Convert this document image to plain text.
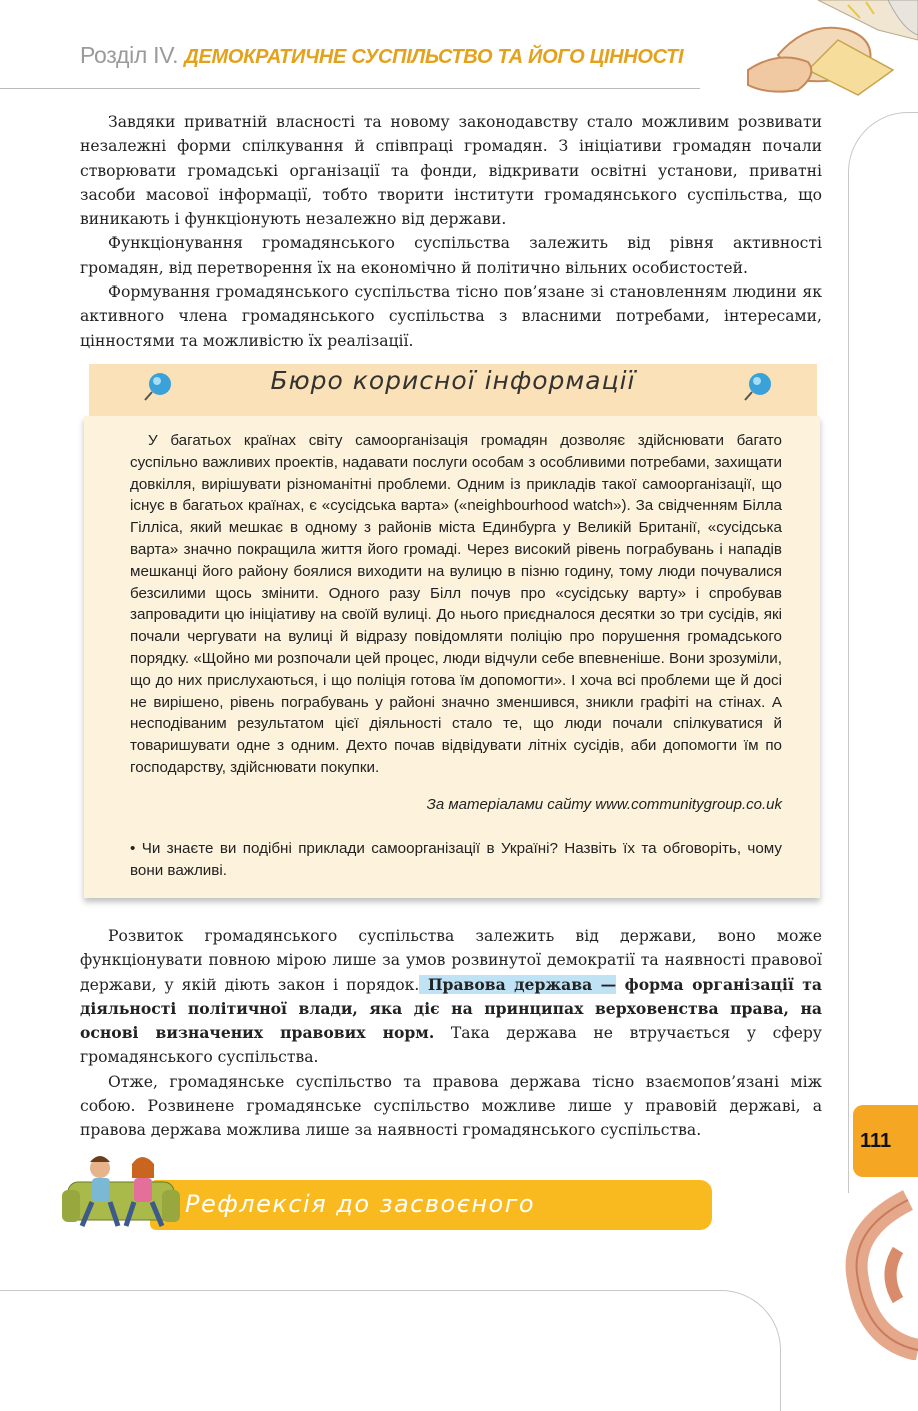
Розділ IV. ДЕМОКРАТИЧНЕ СУСПІЛЬСТВО ТА ЙОГО ЦІННОСТІ

Завдяки приватній власності та новому законодавству стало можливим розвивати незалежні форми спілкування й співпраці громадян. З ініціативи громадян почали створювати громадські організації та фонди, відкривати освітні установи, приватні засоби масової інформації, тобто творити інститути громадянського суспільства, що виникають і функціонують незалежно від держави.

Функціонування громадянського суспільства залежить від рівня активності громадян, від перетворення їх на економічно й політично вільних особистостей.

Формування громадянського суспільства тісно пов’язане зі становленням людини як активного члена громадянського суспільства з власними потребами, інтересами, цінностями та можливістю їх реалізації.

Бюро корисної інформації

У багатьох країнах світу самоорганізація громадян дозволяє здійснювати багато суспільно важливих проектів, надавати послуги особам з особливими потребами, захищати довкілля, вирішувати різноманітні проблеми. Одним із прикладів такої самоорганізації, що існує в багатьох країнах, є «сусідська варта» («neighbourhood watch»). За свідченням Білла Гілліса, який мешкає в одному з районів міста Единбурга у Великій Британії, «сусідська варта» значно покращила життя його громаді. Через високий рівень пограбувань і нападів мешканці його району боялися виходити на вулицю в пізню годину, тому люди почувалися безсилими щось змінити. Одного разу Білл почув про «сусідську варту» і спробував запровадити цю ініціативу на своїй вулиці. До нього приєдналося десятки зо три сусідів, які почали чергувати на вулиці й відразу повідомляти поліцію про порушення громадського порядку. «Щойно ми розпочали цей процес, люди відчули себе впевненіше. Вони зрозуміли, що до них прислухаються, і що поліція готова їм допомогти». І хоча всі проблеми ще й досі не вирішено, рівень пограбувань у районі значно зменшився, зникли графіті на стінах. А несподіваним результатом цієї діяльності стало те, що люди почали спілкуватися й товаришувати одне з одним. Дехто почав відвідувати літніх сусідів, аби допомогти їм по господарству, здійснювати покупки.

За матеріалами сайту www.communitygroup.co.uk
• Чи знаєте ви подібні приклади самоорганізації в Україні? Назвіть їх та обговоріть, чому вони важливі.

Розвиток громадянського суспільства залежить від держави, воно може функціонувати повною мірою лише за умов розвинутої демократії та наявності правової держави, у якій діють закон і порядок. Правова держава — форма організації та діяльності політичної влади, яка діє на принципах верховенства права, на основі визначених правових норм. Така держава не втручається у сферу громадянського суспільства.

Отже, громадянське суспільство та правова держава тісно взаємопов’язані між собою. Розвинене громадянське суспільство можливе лише у правовій державі, а правова держава можлива лише за наявності громадянського суспільства.	111
Рефлексія до засвоєного
